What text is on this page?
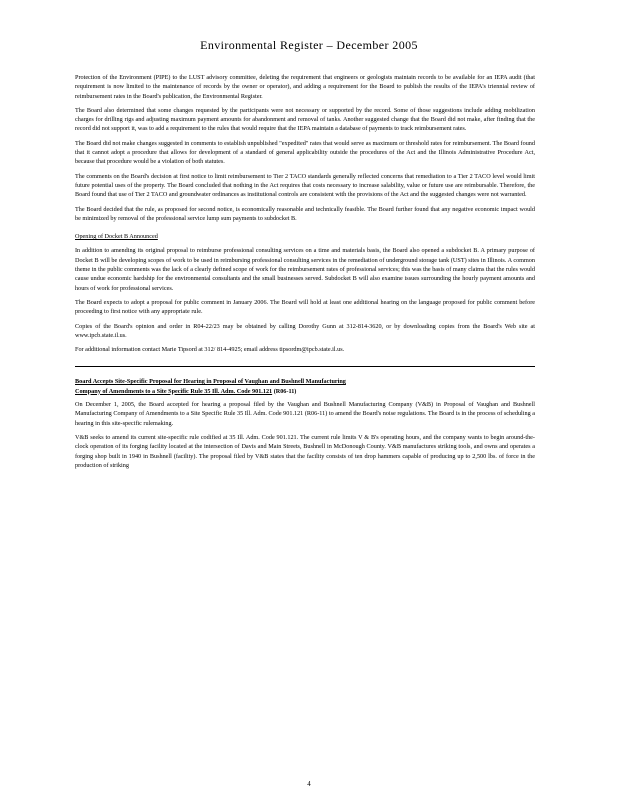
Environmental Register – December 2005

Protection of the Environment (PIPE) to the LUST advisory committee, deleting the requirement that engineers or geologists maintain records to be available for an IEPA audit (that requirement is now limited to the maintenance of records by the owner or operator), and adding a requirement for the Board to publish the results of the IEPA's triennial review of reimbursement rates in the Board's publication, the Environmental Register.

The Board also determined that some changes requested by the participants were not necessary or supported by the record. Some of those suggestions include adding mobilization charges for drilling rigs and adjusting maximum payment amounts for abandonment and removal of tanks. Another suggested change that the Board did not make, after finding that the record did not support it, was to add a requirement to the rules that would require that the IEPA maintain a database of payments to track reimbursement rates.

The Board did not make changes suggested in comments to establish unpublished "expedited" rates that would serve as maximum or threshold rates for reimbursement. The Board found that it cannot adopt a procedure that allows for development of a standard of general applicability outside the procedures of the Act and the Illinois Administrative Procedure Act, because that procedure would be a violation of both statutes.

The comments on the Board's decision at first notice to limit reimbursement to Tier 2 TACO standards generally reflected concerns that remediation to a Tier 2 TACO level would limit future potential uses of the property. The Board concluded that nothing in the Act requires that costs necessary to increase salability, value or future use are reimbursable. Therefore, the Board found that use of Tier 2 TACO and groundwater ordinances as institutional controls are consistent with the provisions of the Act and the suggested changes were not warranted.

The Board decided that the rule, as proposed for second notice, is economically reasonable and technically feasible. The Board further found that any negative economic impact would be minimized by removal of the professional service lump sum payments to subdocket B.

Opening of Docket B Announced

In addition to amending its original proposal to reimburse professional consulting services on a time and materials basis, the Board also opened a subdocket B. A primary purpose of Docket B will be developing scopes of work to be used in reimbursing professional consulting services in the remediation of underground storage tank (UST) sites in Illinois. A common theme in the public comments was the lack of a clearly defined scope of work for the reimbursement rates of professional services; this was the basis of many claims that the rules would cause undue economic hardship for the environmental consultants and the small businesses served. Subdocket B will also examine issues surrounding the hourly payment amounts and hours of work for professional services.

The Board expects to adopt a proposal for public comment in January 2006. The Board will hold at least one additional hearing on the language proposed for public comment before proceeding to first notice with any appropriate rule.

Copies of the Board's opinion and order in R04-22/23 may be obtained by calling Dorothy Gunn at 312-814-3620, or by downloading copies from the Board's Web site at www.ipcb.state.il.us.

For additional information contact Marie Tipsord at 312/ 814-4925; email address tipsordm@ipcb.state.il.us.

Board Accepts Site-Specific Proposal for Hearing in Proposal of Vaughan and Bushnell Manufacturing
Company of Amendments to a Site Specific Rule 35 Ill. Adm. Code 901.121 (R06-11)

On December 1, 2005, the Board accepted for hearing a proposal filed by the Vaughan and Bushnell Manufacturing Company (V&B) in Proposal of Vaughan and Bushnell Manufacturing Company of Amendments to a Site Specific Rule 35 Ill. Adm. Code 901.121 (R06-11) to amend the Board's noise regulations. The Board is in the process of scheduling a hearing in this site-specific rulemaking.

V&B seeks to amend its current site-specific rule codified at 35 Ill. Adm. Code 901.121. The current rule limits V & B's operating hours, and the company wants to begin around-the-clock operation of its forging facility located at the intersection of Davis and Main Streets, Bushnell in McDonough County. V&B manufactures striking tools, and owns and operates a forging shop built in 1940 in Bushnell (facility). The proposal filed by V&B states that the facility consists of ten drop hammers capable of producing up to 2,500 lbs. of force in the production of striking

4
